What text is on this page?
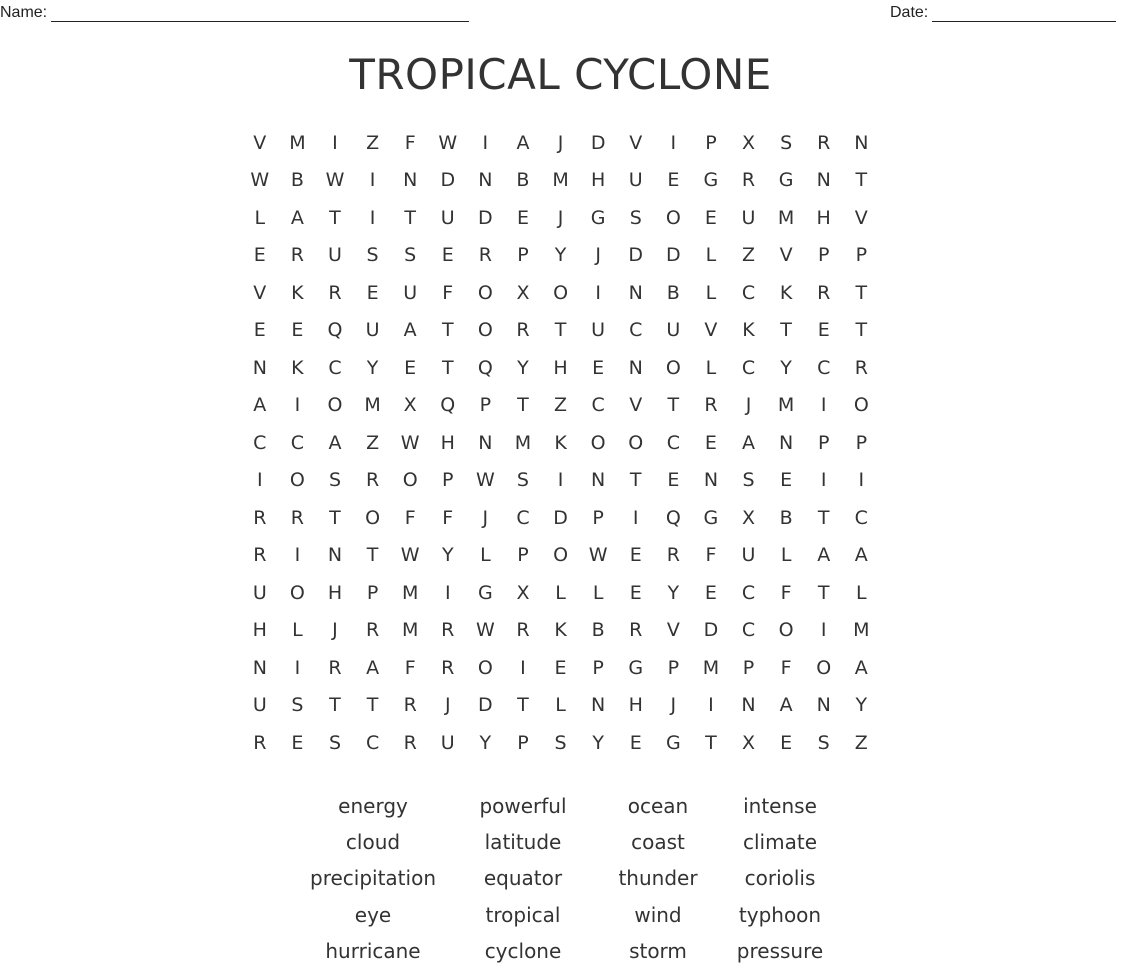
Name:	Date:
TROPICAL CYCLONE
V	M	I	Z	F	W	I	A	J	D	V	I	P	X	S	R	N
W	B	W	I	N	D	N	B	M	H	U	E	G	R	G	N	T
L	A	T	I	T	U	D	E	J	G	S	O	E	U	M	H	V
E	R	U	S	S	E	R	P	Y	J	D	D	L	Z	V	P	P
V	K	R	E	U	F	O	X	O	I	N	B	L	C	K	R	T
E	E	Q	U	A	T	O	R	T	U	C	U	V	K	T	E	T
N	K	C	Y	E	T	Q	Y	H	E	N	O	L	C	Y	C	R
A	I	O	M	X	Q	P	T	Z	C	V	T	R	J	M	I	O
C	C	A	Z	W	H	N	M	K	O	O	C	E	A	N	P	P
I	O	S	R	O	P	W	S	I	N	T	E	N	S	E	I	I
R	R	T	O	F	F	J	C	D	P	I	Q	G	X	B	T	C
R	I	N	T	W	Y	L	P	O	W	E	R	F	U	L	A	A
U	O	H	P	M	I	G	X	L	L	E	Y	E	C	F	T	L
H	L	J	R	M	R	W	R	K	B	R	V	D	C	O	I	M
N	I	R	A	F	R	O	I	E	P	G	P	M	P	F	O	A
U	S	T	T	R	J	D	T	L	N	H	J	I	N	A	N	Y
R	E	S	C	R	U	Y	P	S	Y	E	G	T	X	E	S	Z
energy	powerful	ocean	intense
cloud	latitude	coast	climate
precipitation	equator	thunder	coriolis
eye	tropical	wind	typhoon
hurricane	cyclone	storm	pressure
